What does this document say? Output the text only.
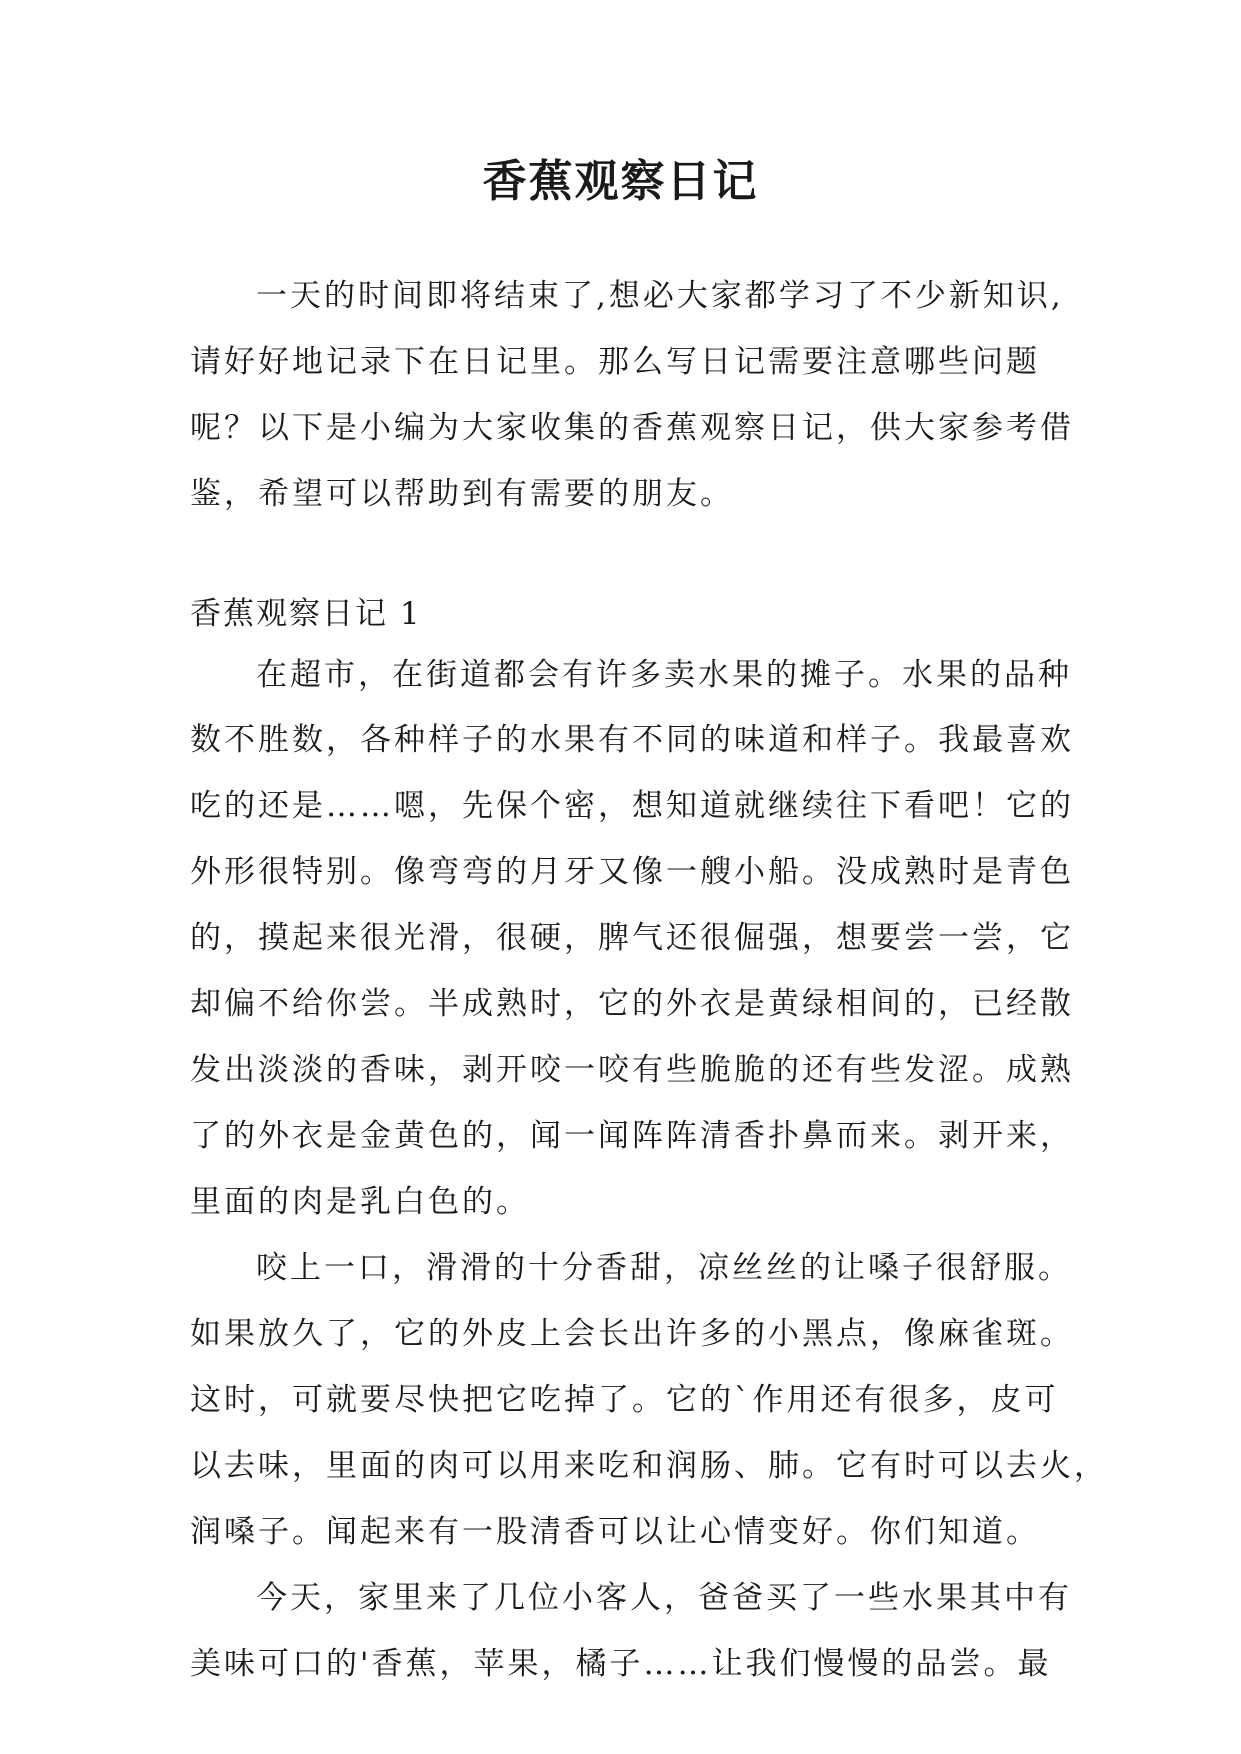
香蕉观察日记

一天的时间即将结束了,想必大家都学习了不少新知识,

请好好地记录下在日记里。那么写日记需要注意哪些问题

呢？以下是小编为大家收集的香蕉观察日记，供大家参考借

鉴，希望可以帮助到有需要的朋友。

香蕉观察日记 1

在超市，在街道都会有许多卖水果的摊子。水果的品种

数不胜数，各种样子的水果有不同的味道和样子。我最喜欢

吃的还是……嗯，先保个密，想知道就继续往下看吧！它的

外形很特别。像弯弯的月牙又像一艘小船。没成熟时是青色

的，摸起来很光滑，很硬，脾气还很倔强，想要尝一尝，它

却偏不给你尝。半成熟时，它的外衣是黄绿相间的，已经散

发出淡淡的香味，剥开咬一咬有些脆脆的还有些发涩。成熟

了的外衣是金黄色的，闻一闻阵阵清香扑鼻而来。剥开来，

里面的肉是乳白色的。

咬上一口，滑滑的十分香甜，凉丝丝的让嗓子很舒服。

如果放久了，它的外皮上会长出许多的小黑点，像麻雀斑。

这时，可就要尽快把它吃掉了。它的`作用还有很多，皮可

以去味，里面的肉可以用来吃和润肠、肺。它有时可以去火，

润嗓子。闻起来有一股清香可以让心情变好。你们知道。

今天，家里来了几位小客人，爸爸买了一些水果其中有

美味可口的'香蕉，苹果，橘子……让我们慢慢的品尝。最
